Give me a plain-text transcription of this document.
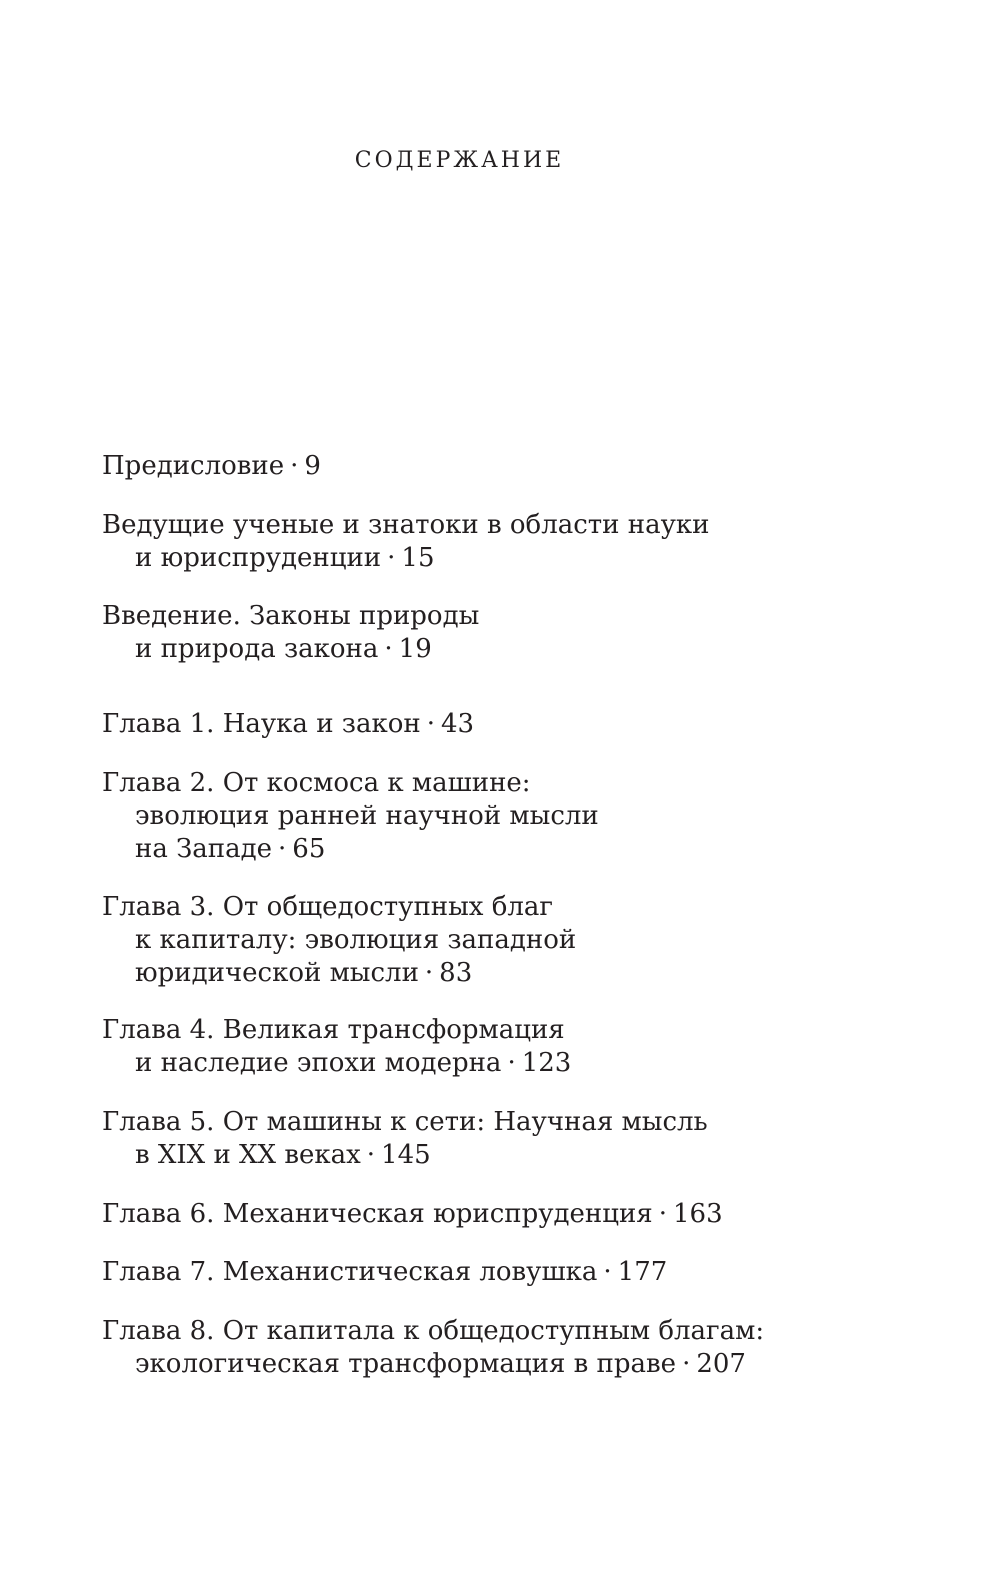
СОДЕРЖАНИЕ
Предисловие · 9
Ведущие ученые и знатоки в области науки
и юриспруденции · 15
Введение. Законы природы
и природа закона · 19
Глава 1. Наука и закон · 43
Глава 2. От космоса к машине:
эволюция ранней научной мысли
на Западе · 65
Глава 3. От общедоступных благ
к капиталу: эволюция западной
юридической мысли · 83
Глава 4. Великая трансформация
и наследие эпохи модерна · 123
Глава 5. От машины к сети: Научная мысль
в XIX и XX веках · 145
Глава 6. Механическая юриспруденция · 163
Глава 7. Механистическая ловушка · 177
Глава 8. От капитала к общедоступным благам:
экологическая трансформация в праве · 207
